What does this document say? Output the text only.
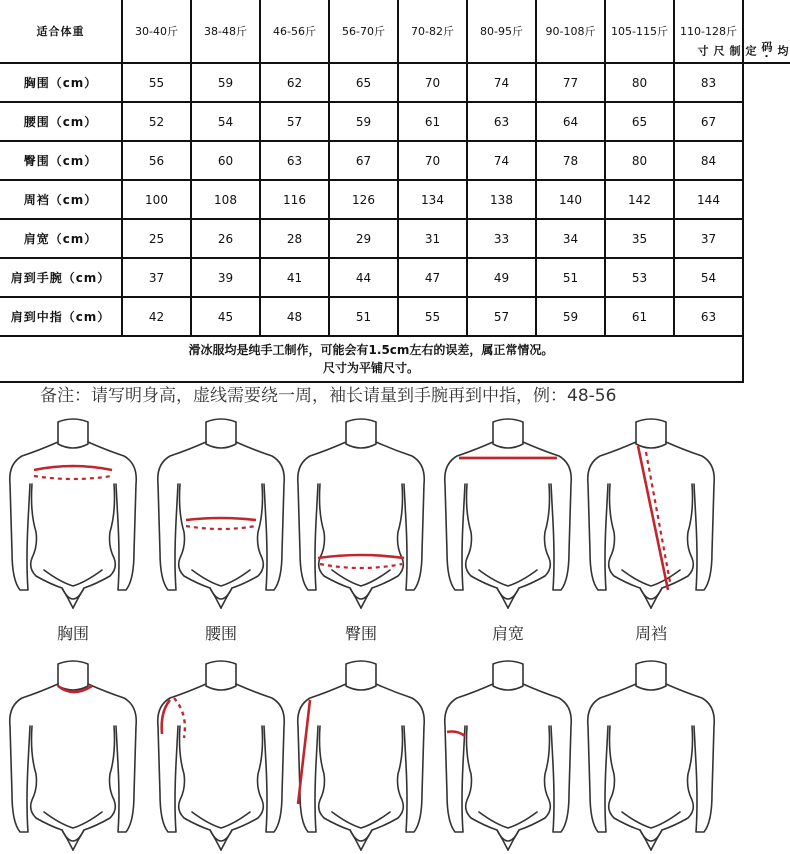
适合体重	30-40斤	38-48斤	46-56斤	56-70斤	70-82斤	80-95斤	90-108斤	105-115斤	110-128斤	均码·定制尺寸
胸围（cm）	55	59	62	65	70	74	77	80	83	
腰围（cm）	52	54	57	59	61	63	64	65	67	
臀围（cm）	56	60	63	67	70	74	78	80	84	
周裆（cm）	100	108	116	126	134	138	140	142	144	
肩宽（cm）	25	26	28	29	31	33	34	35	37	
肩到手腕（cm）	37	39	41	44	47	49	51	53	54	
肩到中指（cm）	42	45	48	51	55	57	59	61	63	

滑冰服均是纯手工制作，可能会有1.5cm左右的误差，属正常情况。
尺寸为平铺尺寸。										
备注：请写明身高，虚线需要绕一周，袖长请量到手腕再到中指，例：48-56
胸围	腰围	臀围	肩宽	周裆
